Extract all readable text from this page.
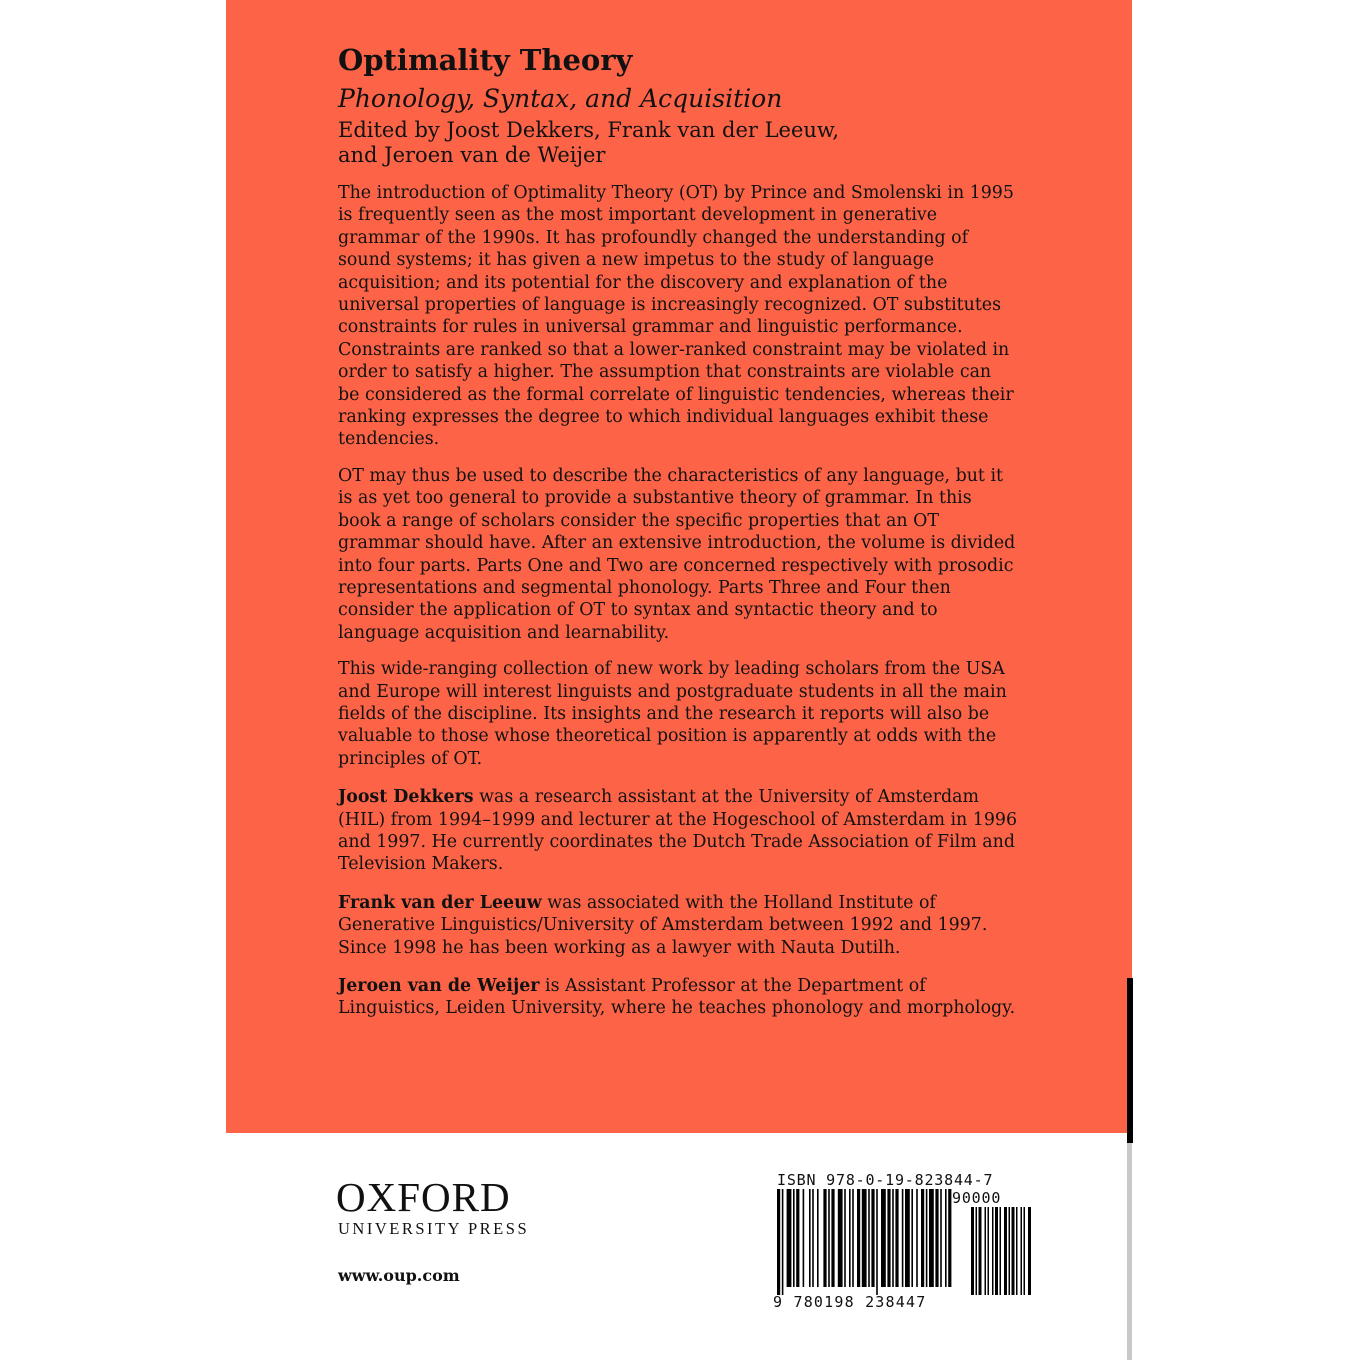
Optimality Theory

Phonology, Syntax, and Acquisition

Edited by Joost Dekkers, Frank van der Leeuw, and Jeroen van de Weijer

The introduction of Optimality Theory (OT) by Prince and Smolenski in 1995 is frequently seen as the most important development in generative grammar of the 1990s. It has profoundly changed the understanding of sound systems; it has given a new impetus to the study of language acquisition; and its potential for the discovery and explanation of the universal properties of language is increasingly recognized. OT substitutes constraints for rules in universal grammar and linguistic performance. Constraints are ranked so that a lower-ranked constraint may be violated in order to satisfy a higher. The assumption that constraints are violable can be considered as the formal correlate of linguistic tendencies, whereas their ranking expresses the degree to which individual languages exhibit these tendencies.

OT may thus be used to describe the characteristics of any language, but it is as yet too general to provide a substantive theory of grammar. In this book a range of scholars consider the specific properties that an OT grammar should have. After an extensive introduction, the volume is divided into four parts. Parts One and Two are concerned respectively with prosodic representations and segmental phonology. Parts Three and Four then consider the application of OT to syntax and syntactic theory and to language acquisition and learnability.

This wide-ranging collection of new work by leading scholars from the USA and Europe will interest linguists and postgraduate students in all the main fields of the discipline. Its insights and the research it reports will also be valuable to those whose theoretical position is apparently at odds with the principles of OT.

Joost Dekkers was a research assistant at the University of Amsterdam (HIL) from 1994–1999 and lecturer at the Hogeschool of Amsterdam in 1996 and 1997. He currently coordinates the Dutch Trade Association of Film and Television Makers.

Frank van der Leeuw was associated with the Holland Institute of Generative Linguistics/University of Amsterdam between 1992 and 1997. Since 1998 he has been working as a lawyer with Nauta Dutilh.

Jeroen van de Weijer is Assistant Professor at the Department of Linguistics, Leiden University, where he teaches phonology and morphology.

OXFORD
UNIVERSITY PRESS
www.oup.com
ISBN 978-0-19-823844-7
90000
9 780198 238447
